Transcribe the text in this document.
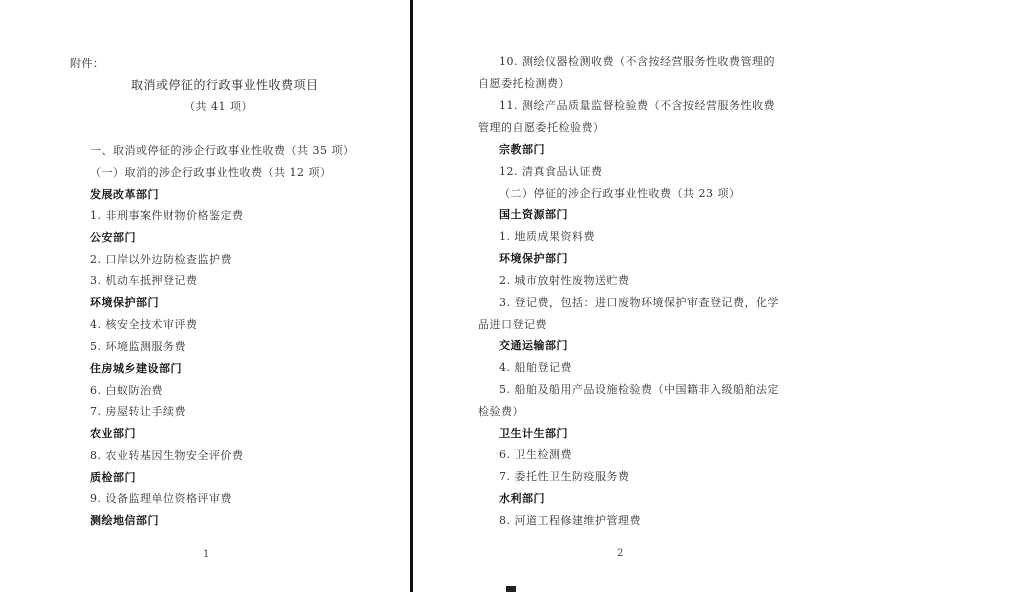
附件：
取消或停征的行政事业性收费项目
（共 41 项）
一、取消或停征的涉企行政事业性收费（共 35 项）
（一）取消的涉企行政事业性收费（共 12 项）
发展改革部门
1. 非刑事案件财物价格鉴定费
公安部门
2. 口岸以外边防检查监护费
3. 机动车抵押登记费
环境保护部门
4. 核安全技术审评费
5. 环境监测服务费
住房城乡建设部门
6. 白蚁防治费
7. 房屋转让手续费
农业部门
8. 农业转基因生物安全评价费
质检部门
9. 设备监理单位资格评审费
测绘地信部门
1
10. 测绘仪器检测收费（不含按经营服务性收费管理的
自愿委托检测费）
11. 测绘产品质量监督检验费（不含按经营服务性收费
管理的自愿委托检验费）
宗教部门
12. 清真食品认证费
（二）停征的涉企行政事业性收费（共 23 项）
国土资源部门
1. 地质成果资料费
环境保护部门
2. 城市放射性废物送贮费
3. 登记费，包括：进口废物环境保护审查登记费，化学
品进口登记费
交通运输部门
4. 船舶登记费
5. 船舶及船用产品设施检验费（中国籍非入级船舶法定
检验费）
卫生计生部门
6. 卫生检测费
7. 委托性卫生防疫服务费
水利部门
8. 河道工程修建维护管理费
2
